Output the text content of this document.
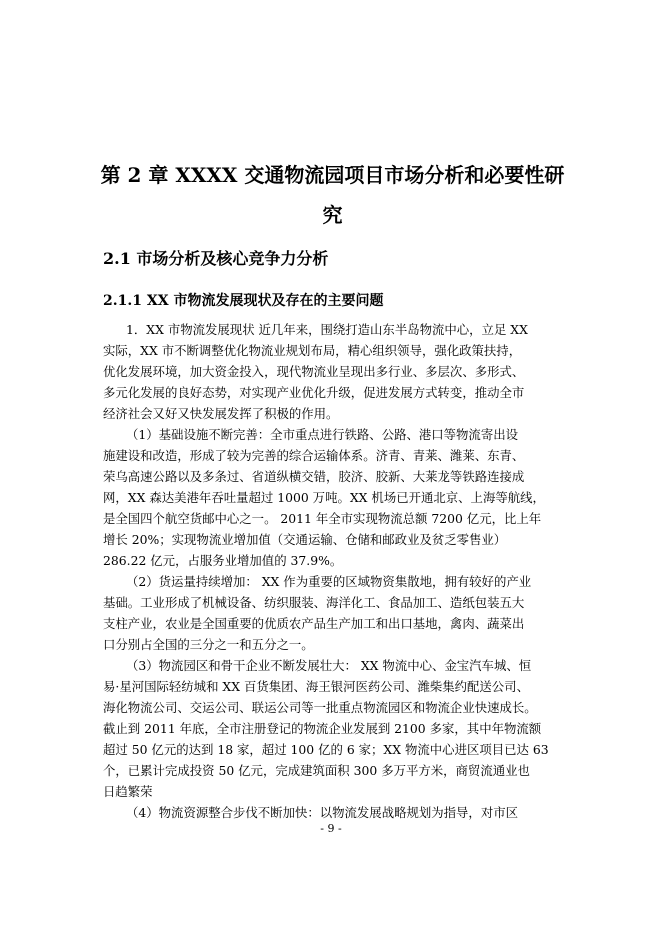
第 2 章 XXXX 交通物流园项目市场分析和必要性研
究
2.1 市场分析及核心竞争力分析
2.1.1 XX 市物流发展现状及存在的主要问题
1．XX 市物流发展现状 近几年来，围绕打造山东半岛物流中心，立足 XX
实际，XX 市不断调整优化物流业规划布局，精心组织领导，强化政策扶持，
优化发展环境，加大资金投入，现代物流业呈现出多行业、多层次、多形式、
多元化发展的良好态势，对实现产业优化升级，促进发展方式转变，推动全市
经济社会又好又快发展发挥了积极的作用。
（1）基础设施不断完善：全市重点进行铁路、公路、港口等物流寄出设
施建设和改造，形成了较为完善的综合运输体系。济青、青莱、潍莱、东青、
荣乌高速公路以及多条过、省道纵横交错，胶济、胶新、大莱龙等铁路连接成
网，XX 森达美港年吞吐量超过 1000 万吨。XX 机场已开通北京、上海等航线，
是全国四个航空货邮中心之一。 2011 年全市实现物流总额 7200 亿元，比上年
增长 20%；实现物流业增加值（交通运输、仓储和邮政业及贫乏零售业）
286.22 亿元，占服务业增加值的 37.9%。
（2）货运量持续增加： XX 作为重要的区域物资集散地，拥有较好的产业
基础。工业形成了机械设备、纺织服装、海洋化工、食品加工、造纸包装五大
支柱产业，农业是全国重要的优质农产品生产加工和出口基地，禽肉、蔬菜出
口分别占全国的三分之一和五分之一。
（3）物流园区和骨干企业不断发展壮大： XX 物流中心、金宝汽车城、恒
易·星河国际轻纺城和 XX 百货集团、海王银河医药公司、潍柴集约配送公司、
海化物流公司、交运公司、联运公司等一批重点物流园区和物流企业快速成长。
截止到 2011 年底，全市注册登记的物流企业发展到 2100 多家，其中年物流额
超过 50 亿元的达到 18 家，超过 100 亿的 6 家；XX 物流中心进区项目已达 63
个，已累计完成投资 50 亿元，完成建筑面积 300 多万平方米，商贸流通业也
日趋繁荣
（4）物流资源整合步伐不断加快：以物流发展战略规划为指导，对市区
- 9 -
